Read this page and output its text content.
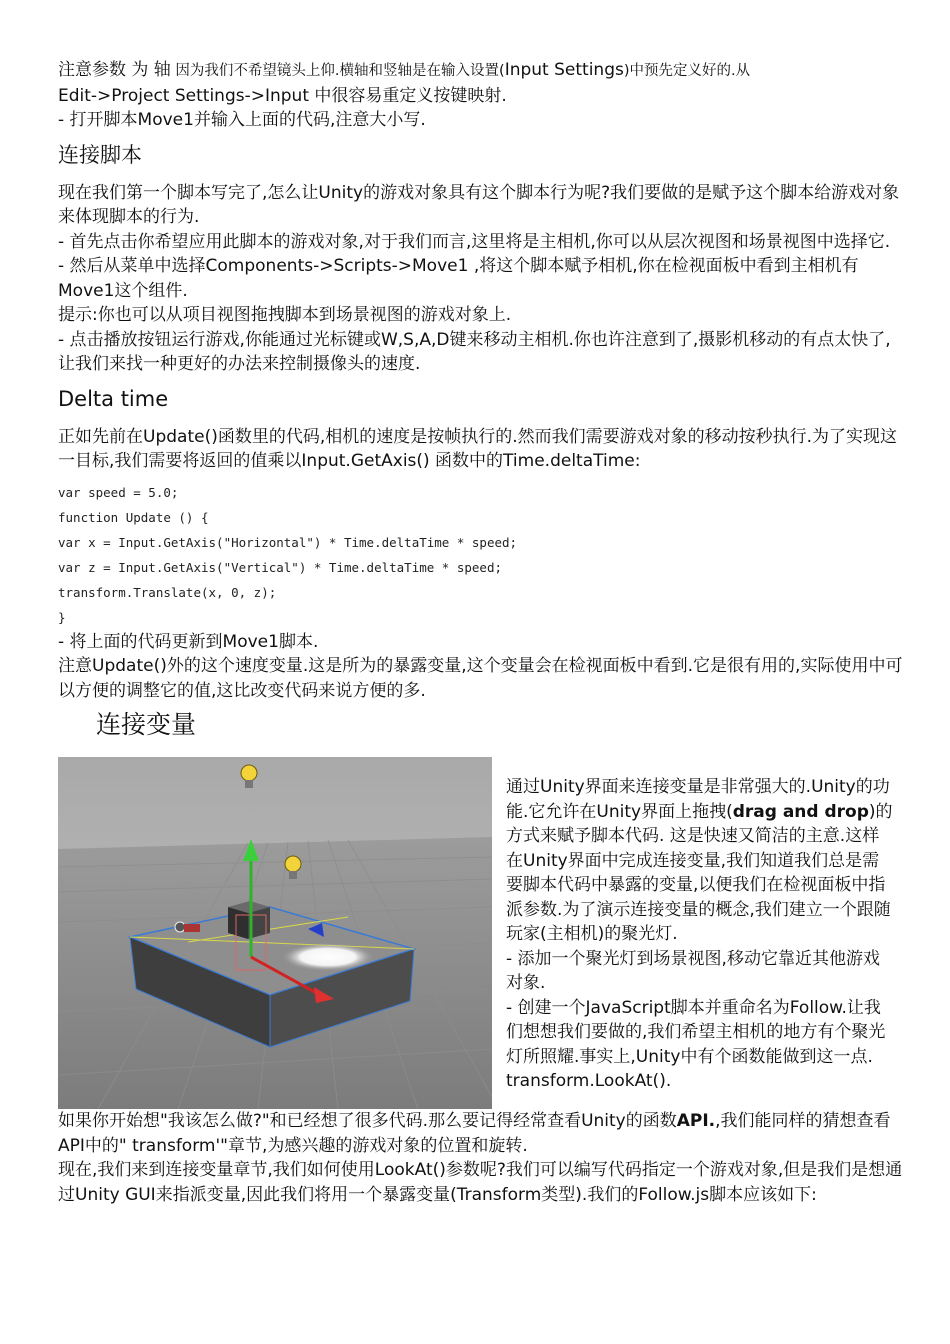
注意参数 为 轴 因为我们不希望镜头上仰.横轴和竖轴是在输入设置(Input Settings)中预先定义好的.从

Edit->Project Settings->Input 中很容易重定义按键映射.

- 打开脚本Move1并输入上面的代码,注意大小写.

连接脚本

现在我们第一个脚本写完了,怎么让Unity的游戏对象具有这个脚本行为呢?我们要做的是赋予这个脚本给游戏对象来体现脚本的行为.

- 首先点击你希望应用此脚本的游戏对象,对于我们而言,这里将是主相机,你可以从层次视图和场景视图中选择它.

- 然后从菜单中选择Components->Scripts->Move1 ,将这个脚本赋予相机,你在检视面板中看到主相机有Move1这个组件.

提示:你也可以从项目视图拖拽脚本到场景视图的游戏对象上.

- 点击播放按钮运行游戏,你能通过光标键或W,S,A,D键来移动主相机.你也许注意到了,摄影机移动的有点太快了,让我们来找一种更好的办法来控制摄像头的速度.

Delta time

正如先前在Update()函数里的代码,相机的速度是按帧执行的.然而我们需要游戏对象的移动按秒执行.为了实现这一目标,我们需要将返回的值乘以Input.GetAxis() 函数中的Time.deltaTime:

var speed = 5.0;

function Update () {

var x = Input.GetAxis("Horizontal") * Time.deltaTime * speed;

var z = Input.GetAxis("Vertical") * Time.deltaTime * speed;

transform.Translate(x, 0, z);

}

- 将上面的代码更新到Move1脚本.

注意Update()外的这个速度变量.这是所为的暴露变量,这个变量会在检视面板中看到.它是很有用的,实际使用中可以方便的调整它的值,这比改变代码来说方便的多.

连接变量

通过Unity界面来连接变量是非常强大的.Unity的功能.它允许在Unity界面上拖拽(drag and drop)的方式来赋予脚本代码. 这是快速又简洁的主意.这样在Unity界面中完成连接变量,我们知道我们总是需要脚本代码中暴露的变量,以便我们在检视面板中指派参数.为了演示连接变量的概念,我们建立一个跟随玩家(主相机)的聚光灯.

- 添加一个聚光灯到场景视图,移动它靠近其他游戏对象.

- 创建一个JavaScript脚本并重命名为Follow.让我们想想我们要做的,我们希望主相机的地方有个聚光灯所照耀.事实上,Unity中有个函数能做到这一点. transform.LookAt().

如果你开始想"我该怎么做?"和已经想了很多代码.那么要记得经常查看Unity的函数API.,我们能同样的猜想查看API中的" transform'"章节,为感兴趣的游戏对象的位置和旋转.

现在,我们来到连接变量章节,我们如何使用LookAt()参数呢?我们可以编写代码指定一个游戏对象,但是我们是想通过Unity GUI来指派变量,因此我们将用一个暴露变量(Transform类型).我们的Follow.js脚本应该如下:
